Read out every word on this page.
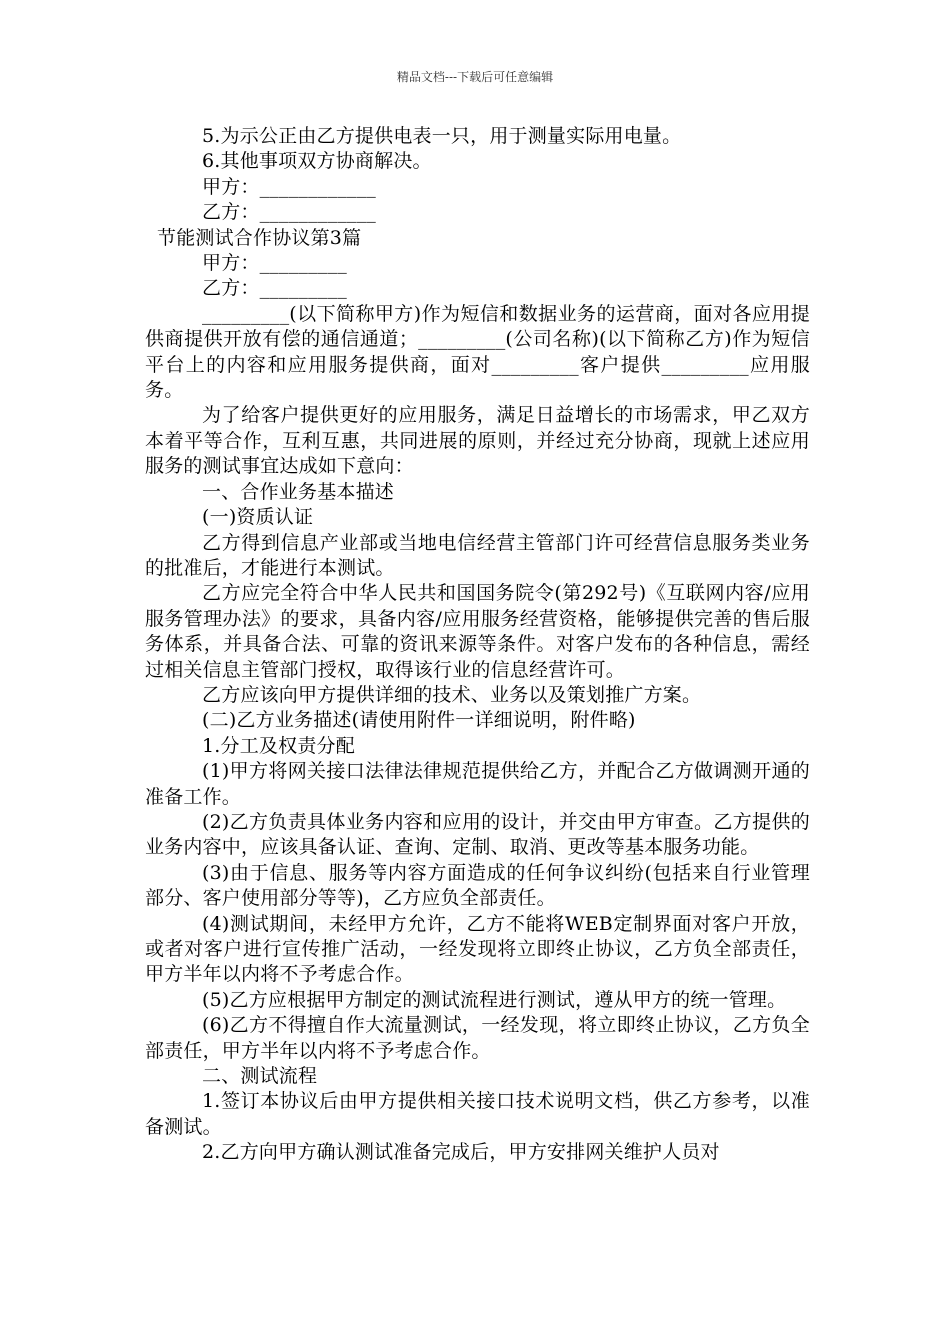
精品文档---下载后可任意编辑

5.为示公正由乙方提供电表一只，用于测量实际用电量。

6.其他事项双方协商解决。

甲方：____________

乙方：____________

节能测试合作协议第3篇

甲方：_________

乙方：_________

_________(以下简称甲方)作为短信和数据业务的运营商，面对各应用提供商提供开放有偿的通信通道；_________(公司名称)(以下简称乙方)作为短信平台上的内容和应用服务提供商，面对_________客户提供_________应用服务。

为了给客户提供更好的应用服务，满足日益增长的市场需求，甲乙双方本着平等合作，互利互惠，共同进展的原则，并经过充分协商，现就上述应用服务的测试事宜达成如下意向：

一、合作业务基本描述

(一)资质认证

乙方得到信息产业部或当地电信经营主管部门许可经营信息服务类业务的批准后，才能进行本测试。

乙方应完全符合中华人民共和国国务院令(第292号)《互联网内容/应用服务管理办法》的要求，具备内容/应用服务经营资格，能够提供完善的售后服务体系，并具备合法、可靠的资讯来源等条件。对客户发布的各种信息，需经过相关信息主管部门授权，取得该行业的信息经营许可。

乙方应该向甲方提供详细的技术、业务以及策划推广方案。

(二)乙方业务描述(请使用附件一详细说明，附件略)

1.分工及权责分配

(1)甲方将网关接口法律法律规范提供给乙方，并配合乙方做调测开通的准备工作。

(2)乙方负责具体业务内容和应用的设计，并交由甲方审查。乙方提供的业务内容中，应该具备认证、查询、定制、取消、更改等基本服务功能。

(3)由于信息、服务等内容方面造成的任何争议纠纷(包括来自行业管理部分、客户使用部分等等)，乙方应负全部责任。

(4)测试期间，未经甲方允许，乙方不能将WEB定制界面对客户开放，或者对客户进行宣传推广活动，一经发现将立即终止协议，乙方负全部责任，甲方半年以内将不予考虑合作。

(5)乙方应根据甲方制定的测试流程进行测试，遵从甲方的统一管理。

(6)乙方不得擅自作大流量测试，一经发现，将立即终止协议，乙方负全部责任，甲方半年以内将不予考虑合作。

二、测试流程

1.签订本协议后由甲方提供相关接口技术说明文档，供乙方参考，以准备测试。

2.乙方向甲方确认测试准备完成后，甲方安排网关维护人员对
